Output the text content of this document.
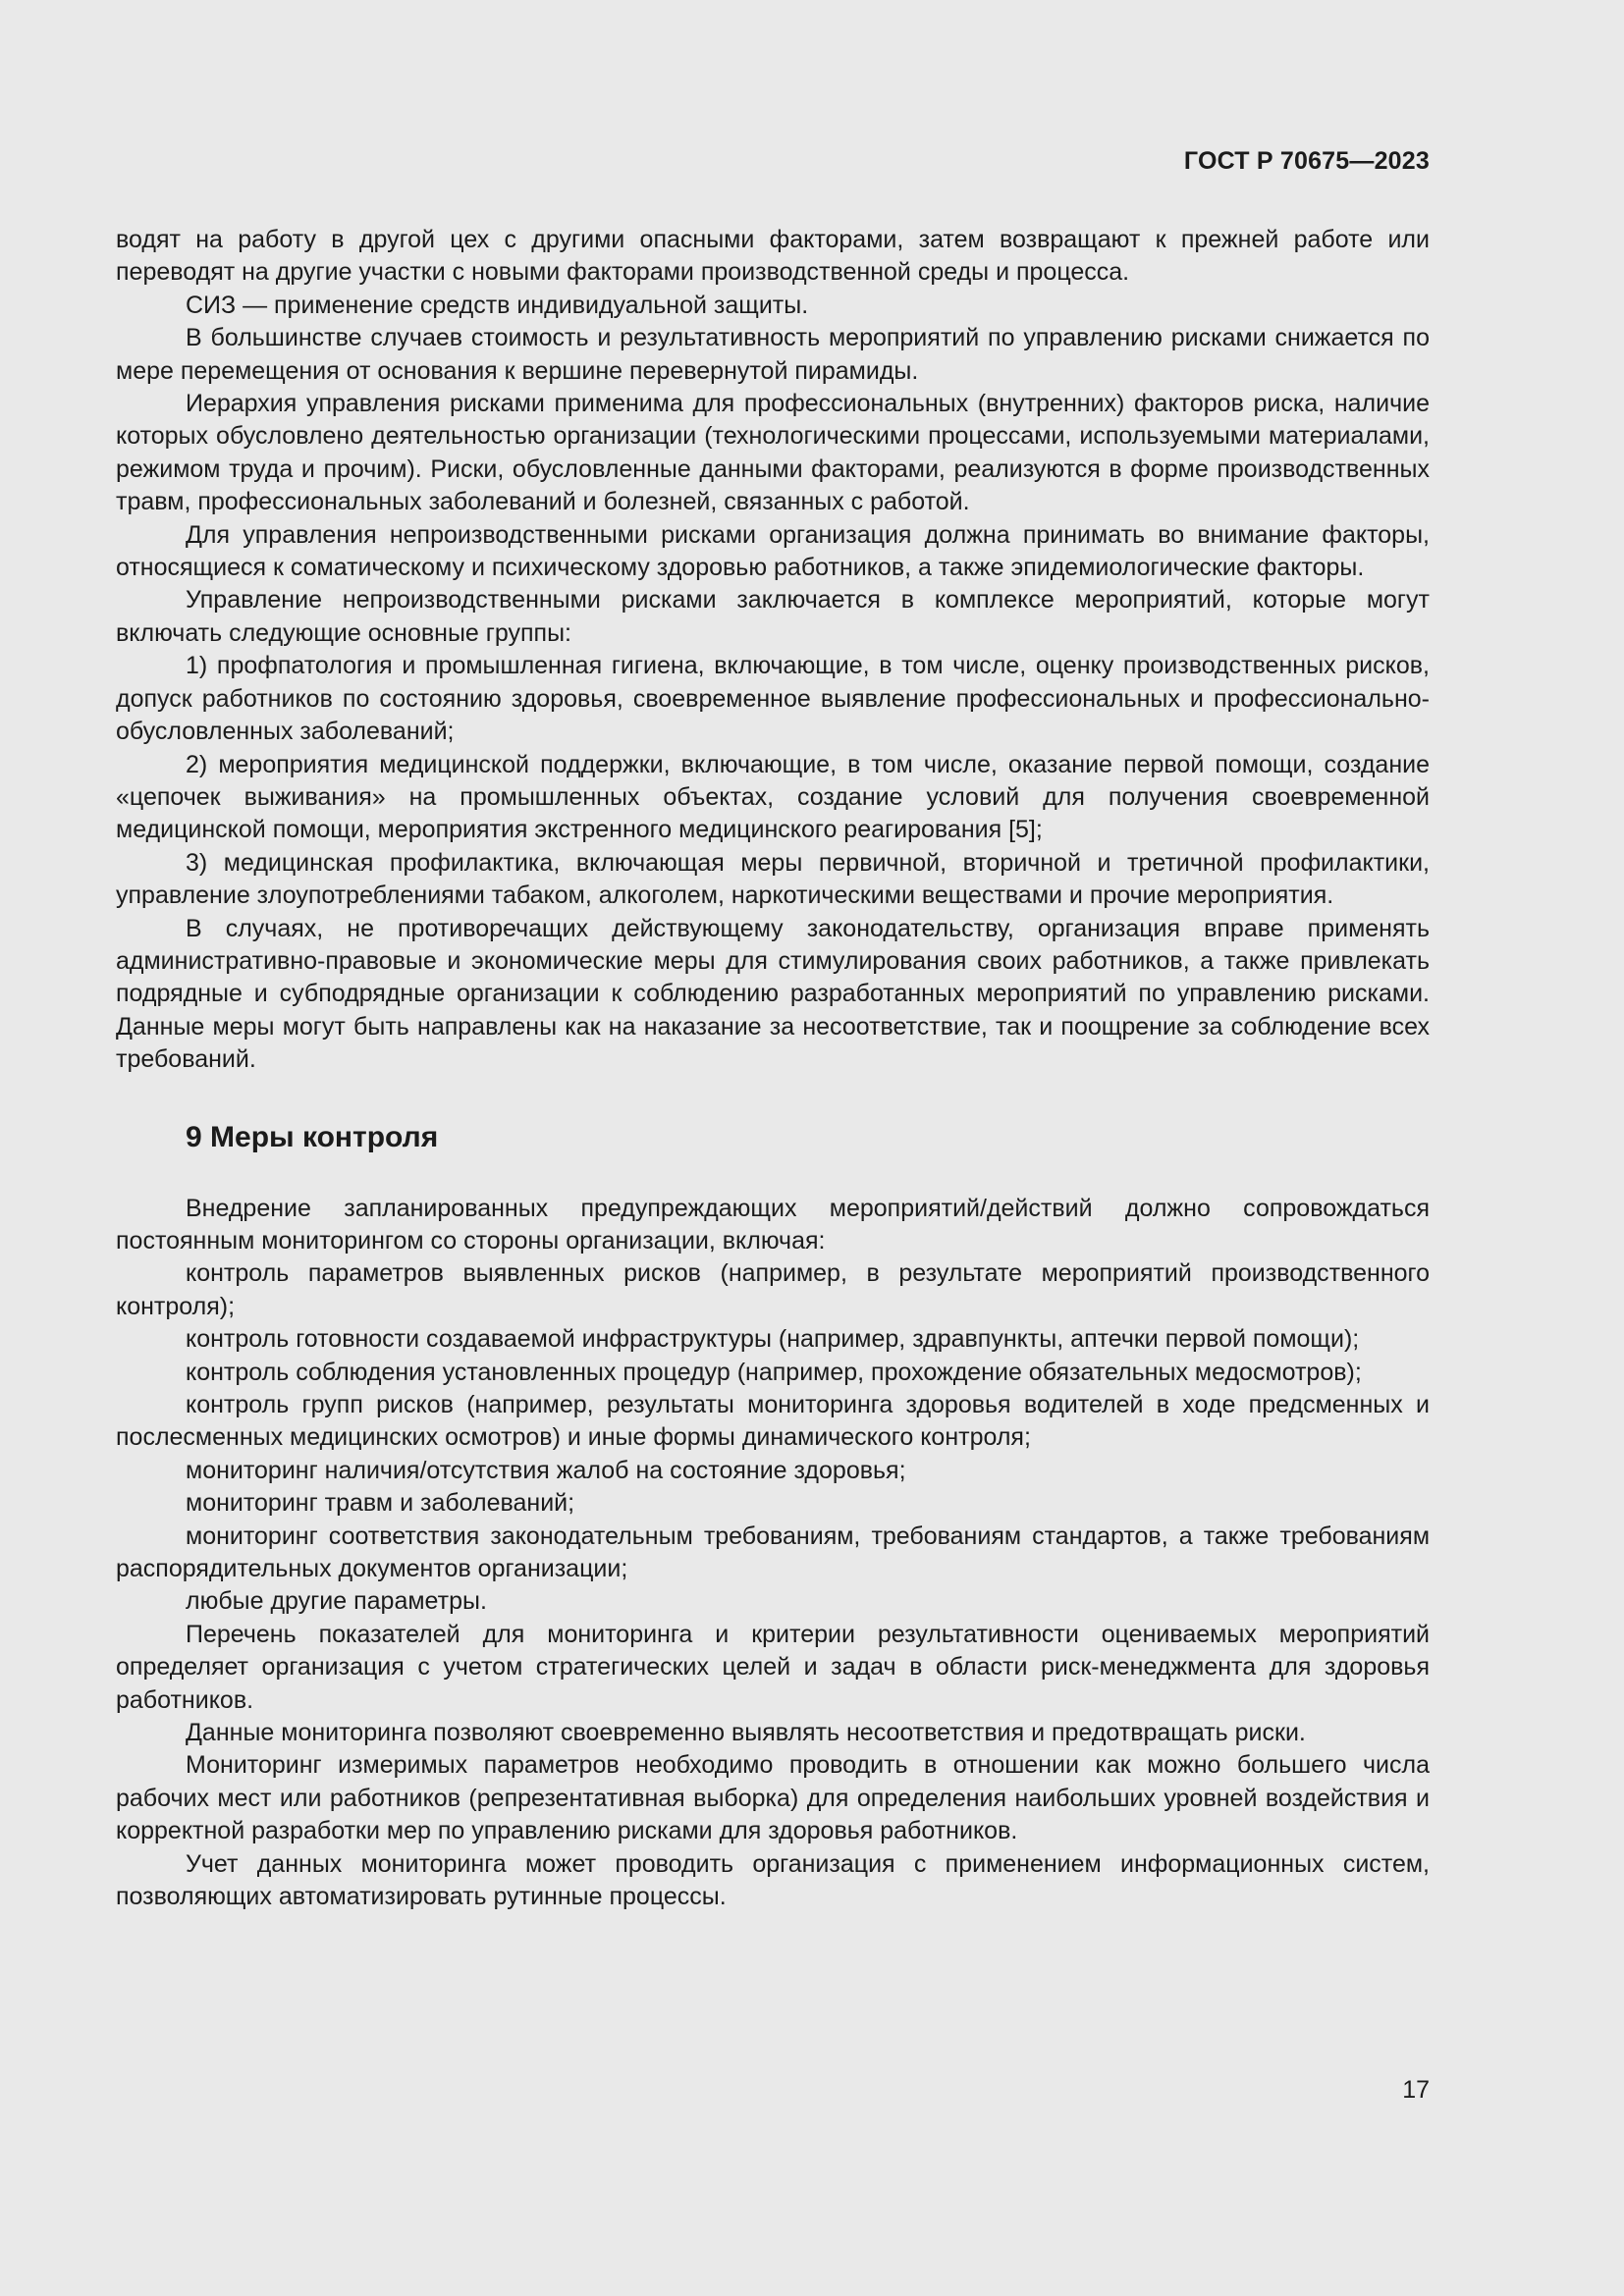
ГОСТ Р 70675—2023

водят на работу в другой цех с другими опасными факторами, затем возвращают к прежней работе или переводят на другие участки с новыми факторами производственной среды и процесса.

СИЗ — применение средств индивидуальной защиты.

В большинстве случаев стоимость и результативность мероприятий по управлению рисками снижается по мере перемещения от основания к вершине перевернутой пирамиды.

Иерархия управления рисками применима для профессиональных (внутренних) факторов риска, наличие которых обусловлено деятельностью организации (технологическими процессами, используемыми материалами, режимом труда и прочим). Риски, обусловленные данными факторами, реализуются в форме производственных травм, профессиональных заболеваний и болезней, связанных с работой.

Для управления непроизводственными рисками организация должна принимать во внимание факторы, относящиеся к соматическому и психическому здоровью работников, а также эпидемиологические факторы.

Управление непроизводственными рисками заключается в комплексе мероприятий, которые могут включать следующие основные группы:

1) профпатология и промышленная гигиена, включающие, в том числе, оценку производственных рисков, допуск работников по состоянию здоровья, своевременное выявление профессиональных и профессионально-обусловленных заболеваний;

2) мероприятия медицинской поддержки, включающие, в том числе, оказание первой помощи, создание «цепочек выживания» на промышленных объектах, создание условий для получения своевременной медицинской помощи, мероприятия экстренного медицинского реагирования [5];

3) медицинская профилактика, включающая меры первичной, вторичной и третичной профилактики, управление злоупотреблениями табаком, алкоголем, наркотическими веществами и прочие мероприятия.

В случаях, не противоречащих действующему законодательству, организация вправе применять административно-правовые и экономические меры для стимулирования своих работников, а также привлекать подрядные и субподрядные организации к соблюдению разработанных мероприятий по управлению рисками. Данные меры могут быть направлены как на наказание за несоответствие, так и поощрение за соблюдение всех требований.

9 Меры контроля

Внедрение запланированных предупреждающих мероприятий/действий должно сопровождаться постоянным мониторингом со стороны организации, включая:

контроль параметров выявленных рисков (например, в результате мероприятий производственного контроля);

контроль готовности создаваемой инфраструктуры (например, здравпункты, аптечки первой помощи);

контроль соблюдения установленных процедур (например, прохождение обязательных медосмотров);

контроль групп рисков (например, результаты мониторинга здоровья водителей в ходе предсменных и послесменных медицинских осмотров) и иные формы динамического контроля;

мониторинг наличия/отсутствия жалоб на состояние здоровья;

мониторинг травм и заболеваний;

мониторинг соответствия законодательным требованиям, требованиям стандартов, а также требованиям распорядительных документов организации;

любые другие параметры.

Перечень показателей для мониторинга и критерии результативности оцениваемых мероприятий определяет организация с учетом стратегических целей и задач в области риск-менеджмента для здоровья работников.

Данные мониторинга позволяют своевременно выявлять несоответствия и предотвращать риски.

Мониторинг измеримых параметров необходимо проводить в отношении как можно большего числа рабочих мест или работников (репрезентативная выборка) для определения наибольших уровней воздействия и корректной разработки мер по управлению рисками для здоровья работников.

Учет данных мониторинга может проводить организация с применением информационных систем, позволяющих автоматизировать рутинные процессы.

17
